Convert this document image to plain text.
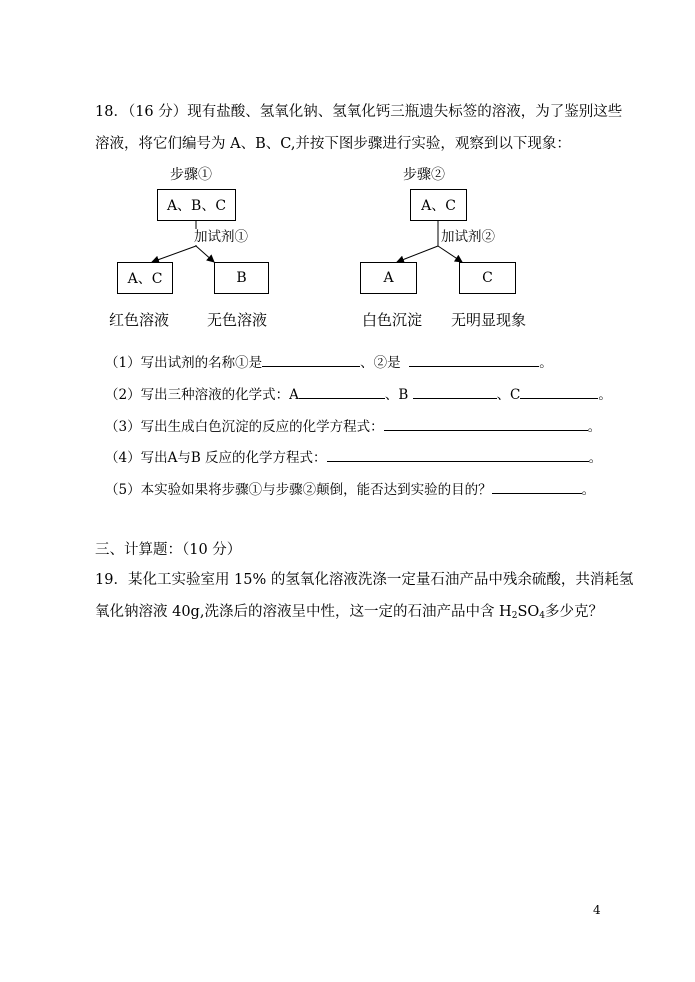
18．（16 分）现有盐酸、氢氧化钠、氢氧化钙三瓶遗失标签的溶液，为了鉴别这些
溶液，将它们编号为 A、B、C,并按下图步骤进行实验，观察到以下现象：
步骤①
A、B、C
加试剂①
A、C	B
红色溶液	无色溶液
步骤②
A、C
加试剂②
A	C
白色沉淀 无明显现象
（1）写出试剂的名称①是	、②是	。
（2）写出三种溶液的化学式：A	、B	、C	。
（3）写出生成白色沉淀的反应的化学方程式：	。
（4）写出A与B 反应的化学方程式：	。
（5）本实验如果将步骤①与步骤②颠倒，能否达到实验的目的？	。
三、计算题：（10 分）
19．某化工实验室用 15% 的氢氧化溶液洗涤一定量石油产品中残余硫酸，共消耗氢
氧化钠溶液 40g,洗涤后的溶液呈中性，这一定的石油产品中含 $H_2SO_4$多少克？
4
